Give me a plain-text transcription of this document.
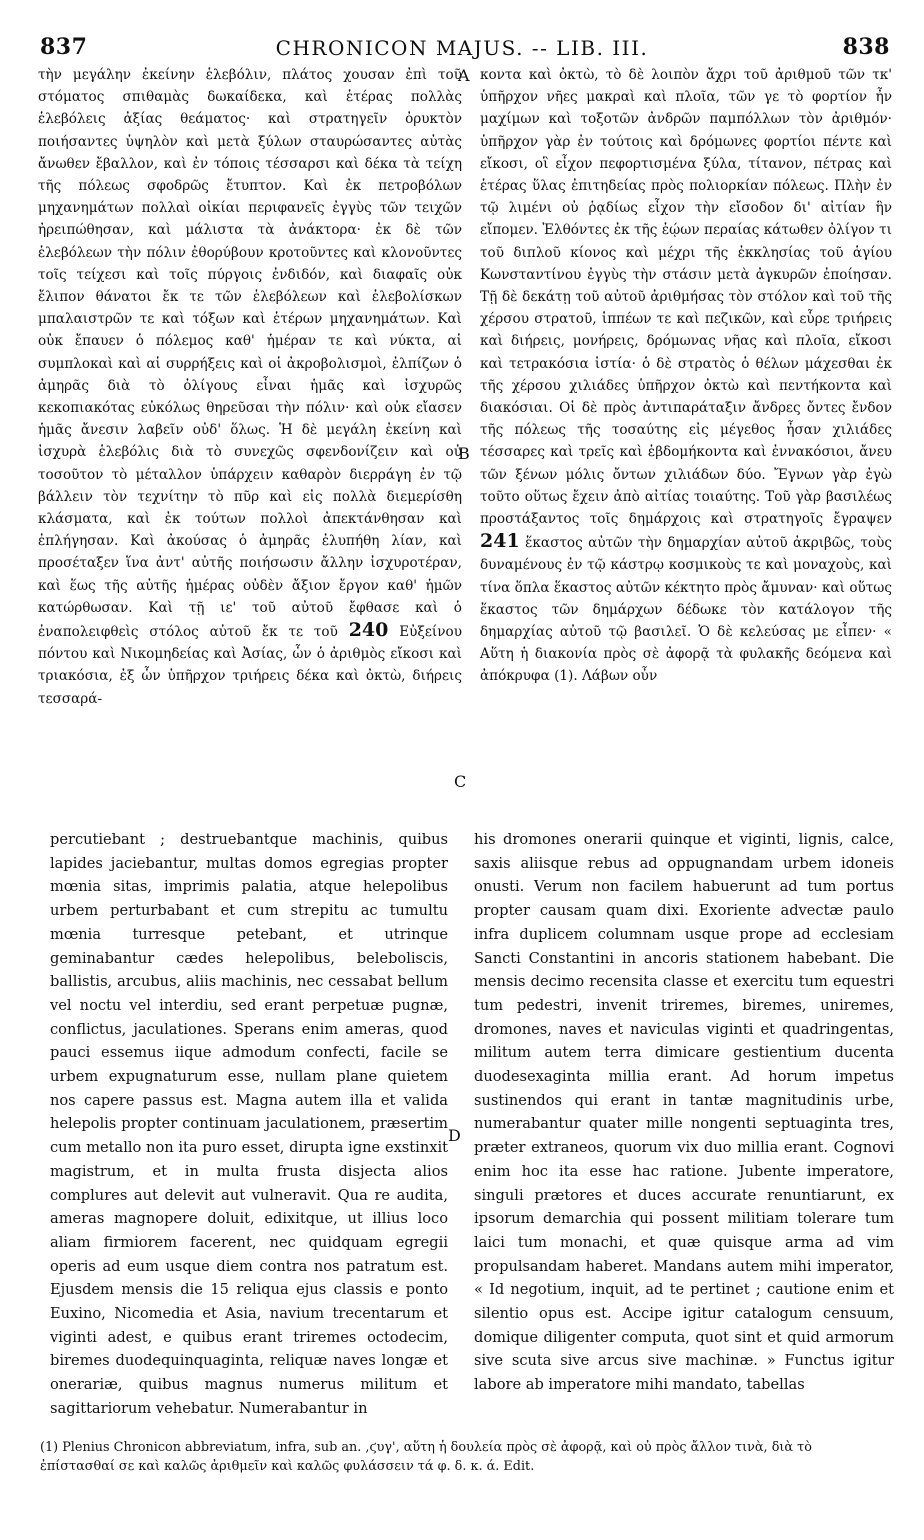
837	CHRONICON MAJUS. -- LIB. III.	838

τὴν μεγάλην ἐκείνην ἑλεβόλιν, πλάτος χουσαν ἐπὶ τοῦ στόματος σπιθαμὰς δωκαίδεκα, καὶ ἑτέρας πολλὰς ἑλεβόλεις ἀξίας θεάματος· καὶ στρατηγεῖν ὀρυκτὸν ποιήσαντες ὑψηλὸν καὶ μετὰ ξύλων σταυρώσαντες αὐτὰς ἄνωθεν ἔβαλλον, καὶ ἐν τόποις τέσσαρσι καὶ δέκα τὰ τείχη τῆς πόλεως σφοδρῶς ἔτυπτον. Καὶ ἐκ πετροβόλων μηχανημάτων πολλαὶ οἰκίαι περιφανεῖς ἐγγὺς τῶν τειχῶν ἠρειπώθησαν, καὶ μάλιστα τὰ ἀνάκτορα· ἐκ δὲ τῶν ἑλεβόλεων τὴν πόλιν ἐθορύβουν κροτοῦντες καὶ κλονοῦντες τοῖς τείχεσι καὶ τοῖς πύργοις ἐνδιδόν, καὶ διαφαῖς οὐκ ἔλιπον θάνατοι ἔκ τε τῶν ἑλεβόλεων καὶ ἑλεβολίσκων μπαλαιστρῶν τε καὶ τόξων καὶ ἑτέρων μηχανημάτων. Καὶ οὐκ ἔπαυεν ὁ πόλεμος καθ' ἡμέραν τε καὶ νύκτα, αἱ συμπλοκαὶ καὶ αἱ συρρήξεις καὶ οἱ ἀκροβολισμοὶ, ἐλπίζων ὁ ἀμηρᾶς διὰ τὸ ὀλίγους εἶναι ἡμᾶς καὶ ἰσχυρῶς κεκοπιακότας εὐκόλως θηρεῦσαι τὴν πόλιν· καὶ οὐκ εἴασεν ἡμᾶς ἄνεσιν λαβεῖν οὐδ' ὅλως. Ἡ δὲ μεγάλη ἐκείνη καὶ ἰσχυρὰ ἑλεβόλις διὰ τὸ συνεχῶς σφενδονίζειν καὶ οὐ τοσοῦτον τὸ μέταλλον ὑπάρχειν καθαρὸν διερράγη ἐν τῷ βάλλειν τὸν τεχνίτην τὸ πῦρ καὶ εἰς πολλὰ διεμερίσθη κλάσματα, καὶ ἐκ τούτων πολλοὶ ἀπεκτάνθησαν καὶ ἐπλήγησαν. Καὶ ἀκούσας ὁ ἀμηρᾶς ἐλυπήθη λίαν, καὶ προσέταξεν ἵνα ἀντ' αὐτῆς ποιήσωσιν ἄλλην ἰσχυροτέραν, καὶ ἕως τῆς αὐτῆς ἡμέρας οὐδὲν ἄξιον ἔργον καθ' ἡμῶν κατώρθωσαν. Καὶ τῇ ιε' τοῦ αὐτοῦ ἔφθασε καὶ ὁ ἐναπολειφθεὶς στόλος αὐτοῦ ἔκ τε τοῦ 240 Εὐξείνου πόντου καὶ Νικομηδείας καὶ Ἀσίας, ὧν ὁ ἀριθμὸς εἴκοσι καὶ τριακόσια, ἐξ ὧν ὑπῆρχον τριήρεις δέκα καὶ ὀκτὼ, διήρεις τεσσαρά-

A
B
C
D

κοντα καὶ ὀκτὼ, τὸ δὲ λοιπὸν ἄχρι τοῦ ἀριθμοῦ τῶν τκ' ὑπῆρχον νῆες μακραὶ καὶ πλοῖα, τῶν γε τὸ φορτίον ἦν μαχίμων καὶ τοξοτῶν ἀνδρῶν παμπόλλων τὸν ἀριθμόν· ὑπῆρχον γὰρ ἐν τούτοις καὶ δρόμωνες φορτίοι πέντε καὶ εἴκοσι, οἳ εἶχον πεφορτισμένα ξύλα, τίτανον, πέτρας καὶ ἑτέρας ὕλας ἐπιτηδείας πρὸς πολιορκίαν πόλεως. Πλὴν ἐν τῷ λιμένι οὐ ῥᾳδίως εἶχον τὴν εἴσοδον δι' αἰτίαν ἣν εἴπομεν. Ἐλθόντες ἐκ τῆς ἑῴων περαίας κάτωθεν ὀλίγον τι τοῦ διπλοῦ κίονος καὶ μέχρι τῆς ἐκκλησίας τοῦ ἁγίου Κωνσταντίνου ἐγγὺς τὴν στάσιν μετὰ ἀγκυρῶν ἐποίησαν. Τῇ δὲ δεκάτῃ τοῦ αὐτοῦ ἀριθμήσας τὸν στόλον καὶ τοῦ τῆς χέρσου στρατοῦ, ἱππέων τε καὶ πεζικῶν, καὶ εὗρε τριήρεις καὶ διήρεις, μονήρεις, δρόμωνας νῆας καὶ πλοῖα, εἴκοσι καὶ τετρακόσια ἱστία· ὁ δὲ στρατὸς ὁ θέλων μάχεσθαι ἐκ τῆς χέρσου χιλιάδες ὑπῆρχον ὀκτὼ καὶ πεντήκοντα καὶ διακόσιαι. Οἱ δὲ πρὸς ἀντιπαράταξιν ἄνδρες ὄντες ἔνδον τῆς πόλεως τῆς τοσαύτης εἰς μέγεθος ἦσαν χιλιάδες τέσσαρες καὶ τρεῖς καὶ ἑβδομήκοντα καὶ ἐννακόσιοι, ἄνευ τῶν ξένων μόλις ὄντων χιλιάδων δύο. Ἔγνων γὰρ ἐγὼ τοῦτο οὕτως ἔχειν ἀπὸ αἰτίας τοιαύτης. Τοῦ γὰρ βασιλέως προστάξαντος τοῖς δημάρχοις καὶ στρατηγοῖς ἔγραψεν 241 ἕκαστος αὐτῶν τὴν δημαρχίαν αὐτοῦ ἀκριβῶς, τοὺς δυναμένους ἐν τῷ κάστρῳ κοσμικοὺς τε καὶ μοναχοὺς, καὶ τίνα ὅπλα ἕκαστος αὐτῶν κέκτητο πρὸς ἄμυναν· καὶ οὕτως ἕκαστος τῶν δημάρχων δέδωκε τὸν κατάλογον τῆς δημαρχίας αὐτοῦ τῷ βασιλεῖ. Ὁ δὲ κελεύσας με εἶπεν· « Αὕτη ἡ διακονία πρὸς σὲ ἀφορᾷ τὰ φυλακῆς δεόμενα καὶ ἀπόκρυφα (1). Λάβων οὖν

percutiebant ; destruebantque machinis, quibus lapides jaciebantur, multas domos egregias propter mœnia sitas, imprimis palatia, atque helepolibus urbem perturbabant et cum strepitu ac tumultu mœnia turresque petebant, et utrinque geminabantur cædes helepolibus, beleboliscis, ballistis, arcubus, aliis machinis, nec cessabat bellum vel noctu vel interdiu, sed erant perpetuæ pugnæ, conflictus, jaculationes. Sperans enim ameras, quod pauci essemus iique admodum confecti, facile se urbem expugnaturum esse, nullam plane quietem nos capere passus est. Magna autem illa et valida helepolis propter continuam jaculationem, præsertim cum metallo non ita puro esset, dirupta igne exstinxit magistrum, et in multa frusta disjecta alios complures aut delevit aut vulneravit. Qua re audita, ameras magnopere doluit, edixitque, ut illius loco aliam firmiorem facerent, nec quidquam egregii operis ad eum usque diem contra nos patratum est. Ejusdem mensis die 15 reliqua ejus classis e ponto Euxino, Nicomedia et Asia, navium trecentarum et viginti adest, e quibus erant triremes octodecim, biremes duodequinquaginta, reliquæ naves longæ et onerariæ, quibus magnus numerus militum et sagittariorum vehebatur. Numerabantur in

his dromones onerarii quinque et viginti, lignis, calce, saxis aliisque rebus ad oppugnandam urbem idoneis onusti. Verum non facilem habuerunt ad tum portus propter causam quam dixi. Exoriente advectæ paulo infra duplicem columnam usque prope ad ecclesiam Sancti Constantini in ancoris stationem habebant. Die mensis decimo recensita classe et exercitu tum equestri tum pedestri, invenit triremes, biremes, uniremes, dromones, naves et naviculas viginti et quadringentas, militum autem terra dimicare gestientium ducenta duodesexaginta millia erant. Ad horum impetus sustinendos qui erant in tantæ magnitudinis urbe, numerabantur quater mille nongenti septuaginta tres, præter extraneos, quorum vix duo millia erant. Cognovi enim hoc ita esse hac ratione. Jubente imperatore, singuli prætores et duces accurate renuntiarunt, ex ipsorum demarchia qui possent militiam tolerare tum laici tum monachi, et quæ quisque arma ad vim propulsandam haberet. Mandans autem mihi imperator, « Id negotium, inquit, ad te pertinet ; cautione enim et silentio opus est. Accipe igitur catalogum censuum, domique diligenter computa, quot sint et quid armorum sive scuta sive arcus sive machinæ. » Functus igitur labore ab imperatore mihi mandato, tabellas

(1) Plenius Chronicon abbreviatum, infra, sub an. ,ϛυγ', αὕτη ἡ δουλεία πρὸς σὲ ἀφορᾷ, καὶ οὐ πρὸς ἄλλον τινὰ, διὰ τὸ ἐπίστασθαί σε καὶ καλῶς ἀριθμεῖν καὶ καλῶς φυλάσσειν τά φ. δ. κ. ά. Edit.
